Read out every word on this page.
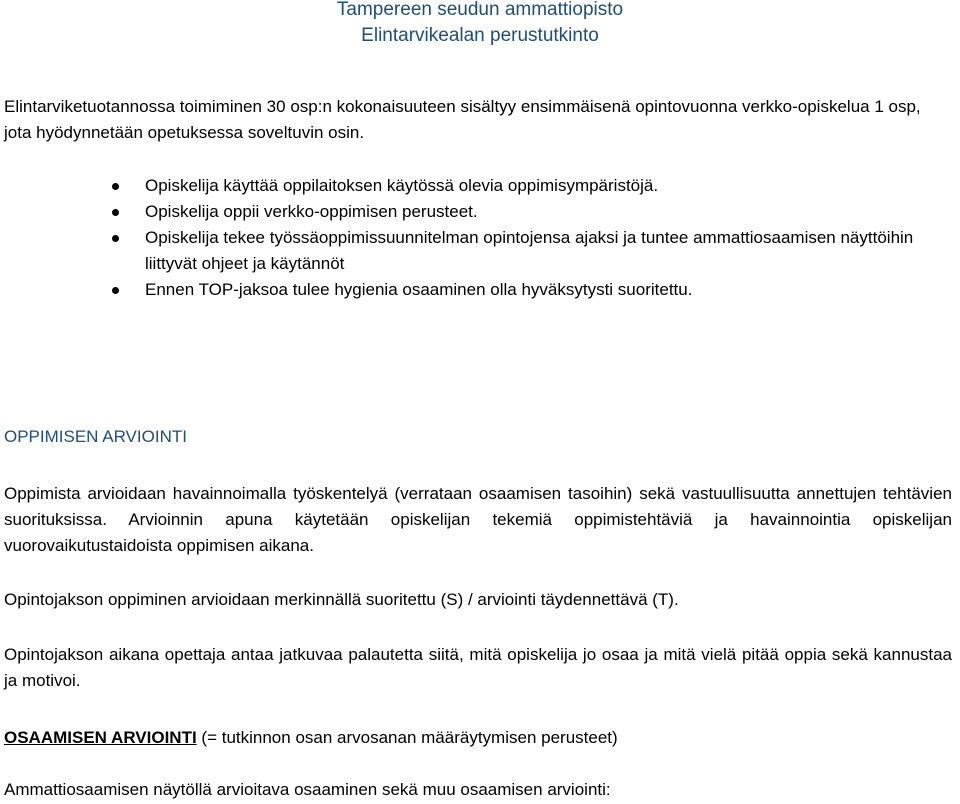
Tampereen seudun ammattiopisto
Elintarvikealan perustutkinto

Elintarviketuotannossa toimiminen 30 osp:n kokonaisuuteen sisältyy ensimmäisenä opintovuonna verkko-opiskelua 1 osp, jota hyödynnetään opetuksessa soveltuvin osin.

Opiskelija käyttää oppilaitoksen käytössä olevia oppimisympäristöjä.
Opiskelija oppii verkko-oppimisen perusteet.
Opiskelija tekee työssäoppimissuunnitelman opintojensa ajaksi ja tuntee ammattiosaamisen näyttöihin liittyvät ohjeet ja käytännöt
Ennen TOP-jaksoa tulee hygienia osaaminen olla hyväksytysti suoritettu.
OPPIMISEN ARVIOINTI

Oppimista arvioidaan havainnoimalla työskentelyä (verrataan osaamisen tasoihin) sekä vastuullisuutta annettujen tehtävien suorituksissa. Arvioinnin apuna käytetään opiskelijan tekemiä oppimistehtäviä ja havainnointia opiskelijan vuorovaikutustaidoista oppimisen aikana.

Opintojakson oppiminen arvioidaan merkinnällä suoritettu (S) / arviointi täydennettävä (T).

Opintojakson aikana opettaja antaa jatkuvaa palautetta siitä, mitä opiskelija jo osaa ja mitä vielä pitää oppia sekä kannustaa ja motivoi.

OSAAMISEN ARVIOINTI (= tutkinnon osan arvosanan määräytymisen perusteet)

Ammattiosaamisen näytöllä arvioitava osaaminen sekä muu osaamisen arviointi:
